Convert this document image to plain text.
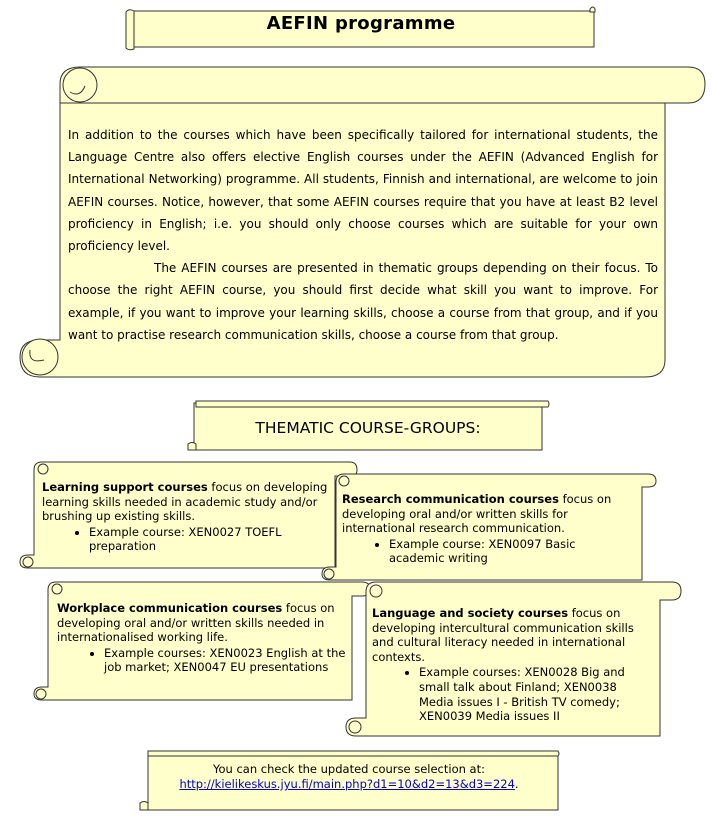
AEFIN programme

In addition to the courses which have been specifically tailored for international students, the Language Centre also offers elective English courses under the AEFIN (Advanced English for International Networking) programme. All students, Finnish and international, are welcome to join AEFIN courses. Notice, however, that some AEFIN courses require that you have at least B2 level proficiency in English; i.e. you should only choose courses which are suitable for your own proficiency level.

The AEFIN courses are presented in thematic groups depending on their focus. To choose the right AEFIN course, you should first decide what skill you want to improve. For example, if you want to improve your learning skills, choose a course from that group, and if you want to practise research communication skills, choose a course from that group.

THEMATIC COURSE-GROUPS:
Learning support courses focus on developing learning skills needed in academic study and/or brushing up existing skills.
• Example course: XEN0027 TOEFL preparation
Research communication courses focus on developing oral and/or written skills for international research communication.
• Example course: XEN0097 Basic academic writing
Workplace communication courses focus on developing oral and/or written skills needed in internationalised working life.
• Example courses: XEN0023 English at the job market; XEN0047 EU presentations
Language and society courses focus on developing intercultural communication skills and cultural literacy needed in international contexts.
• Example courses: XEN0028 Big and small talk about Finland; XEN0038 Media issues I - British TV comedy; XEN0039 Media issues II
You can check the updated course selection at:
http://kielikeskus.jyu.fi/main.php?d1=10&d2=13&d3=224.
